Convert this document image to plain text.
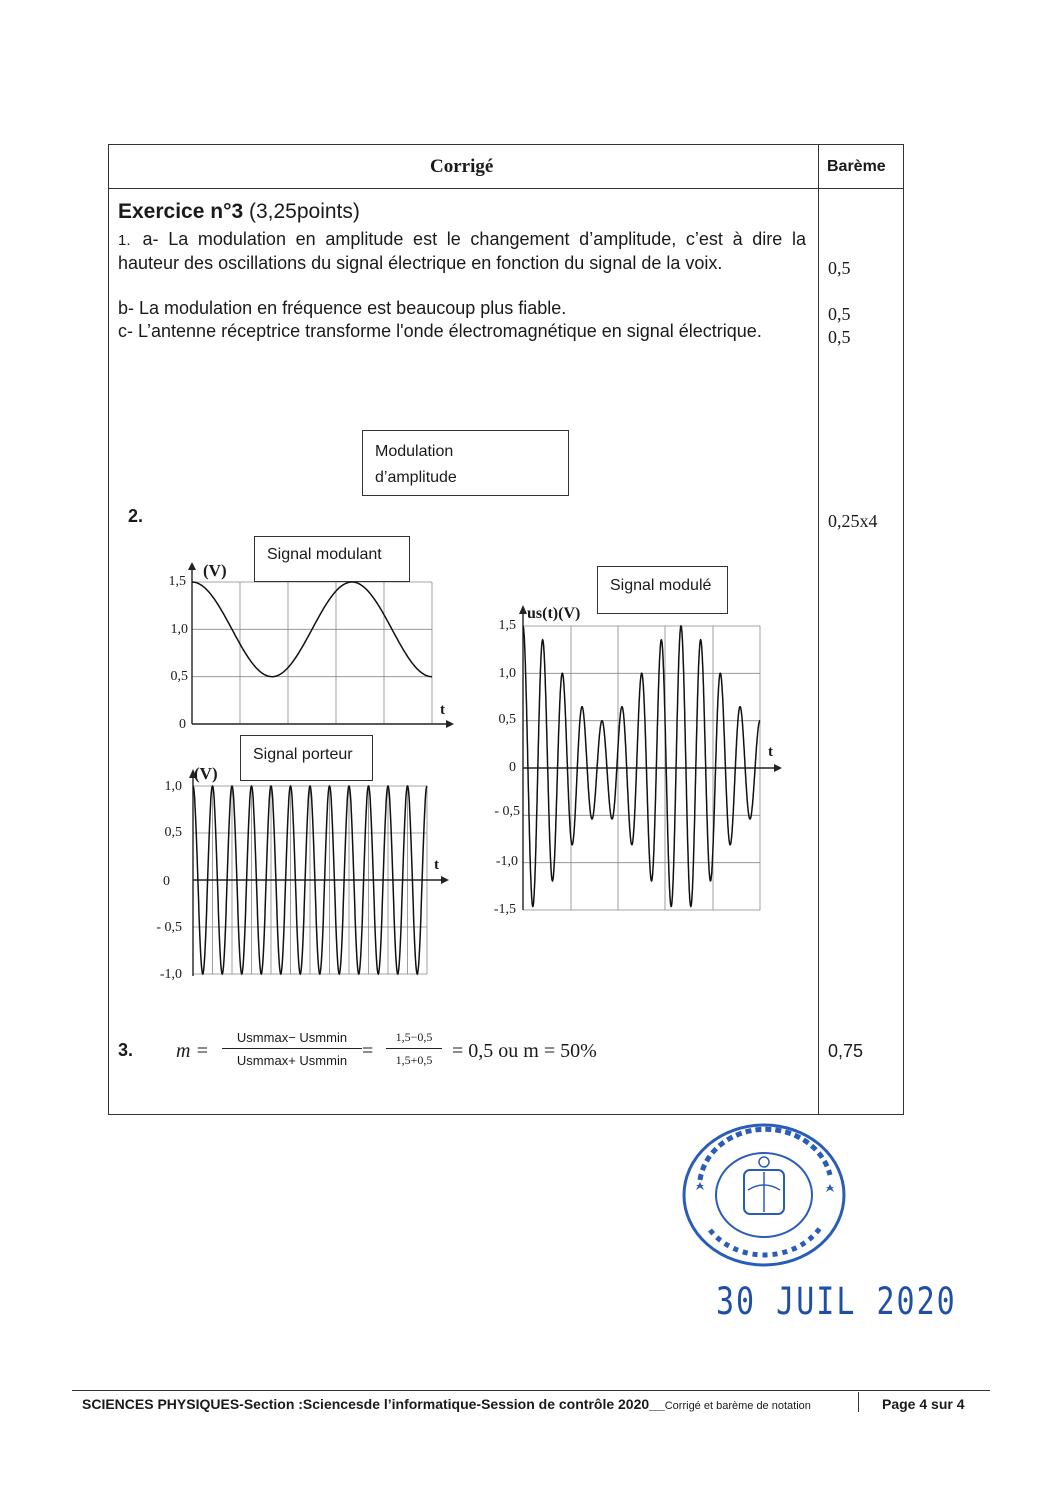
Corrigé	Barème
Exercice n°3 (3,25points)
1. a- La modulation en amplitude est le changement d’amplitude, c’est à dire la hauteur des oscillations du signal électrique en fonction du signal de la voix.
b- La modulation en fréquence est beaucoup plus fiable.
c- L’antenne réceptrice transforme l'onde électromagnétique en signal électrique.
0,5
0,5
0,5
Modulation
d’amplitude
2.	0,25x4
Signal modulant
(V)
t
1,5
1,0
0,5
0
Signal porteur
(V)
t
1,0
0,5
0
- 0,5
-1,0
Signal modulé
us(t)(V)
t
1,5
1,0
0,5
0
- 0,5
-1,0
-1,5
3. m =
Usmmax− Usmmin
Usmmax+ Usmmin =
1,5−0,5
1,5+0,5 = 0,5 ou m = 50%	0,75
30 JUIL 2020
SCIENCES PHYSIQUES-Section :Sciencesde l’informatique-Session de contrôle 2020__Corrigé et barème de notation	Page 4 sur 4
